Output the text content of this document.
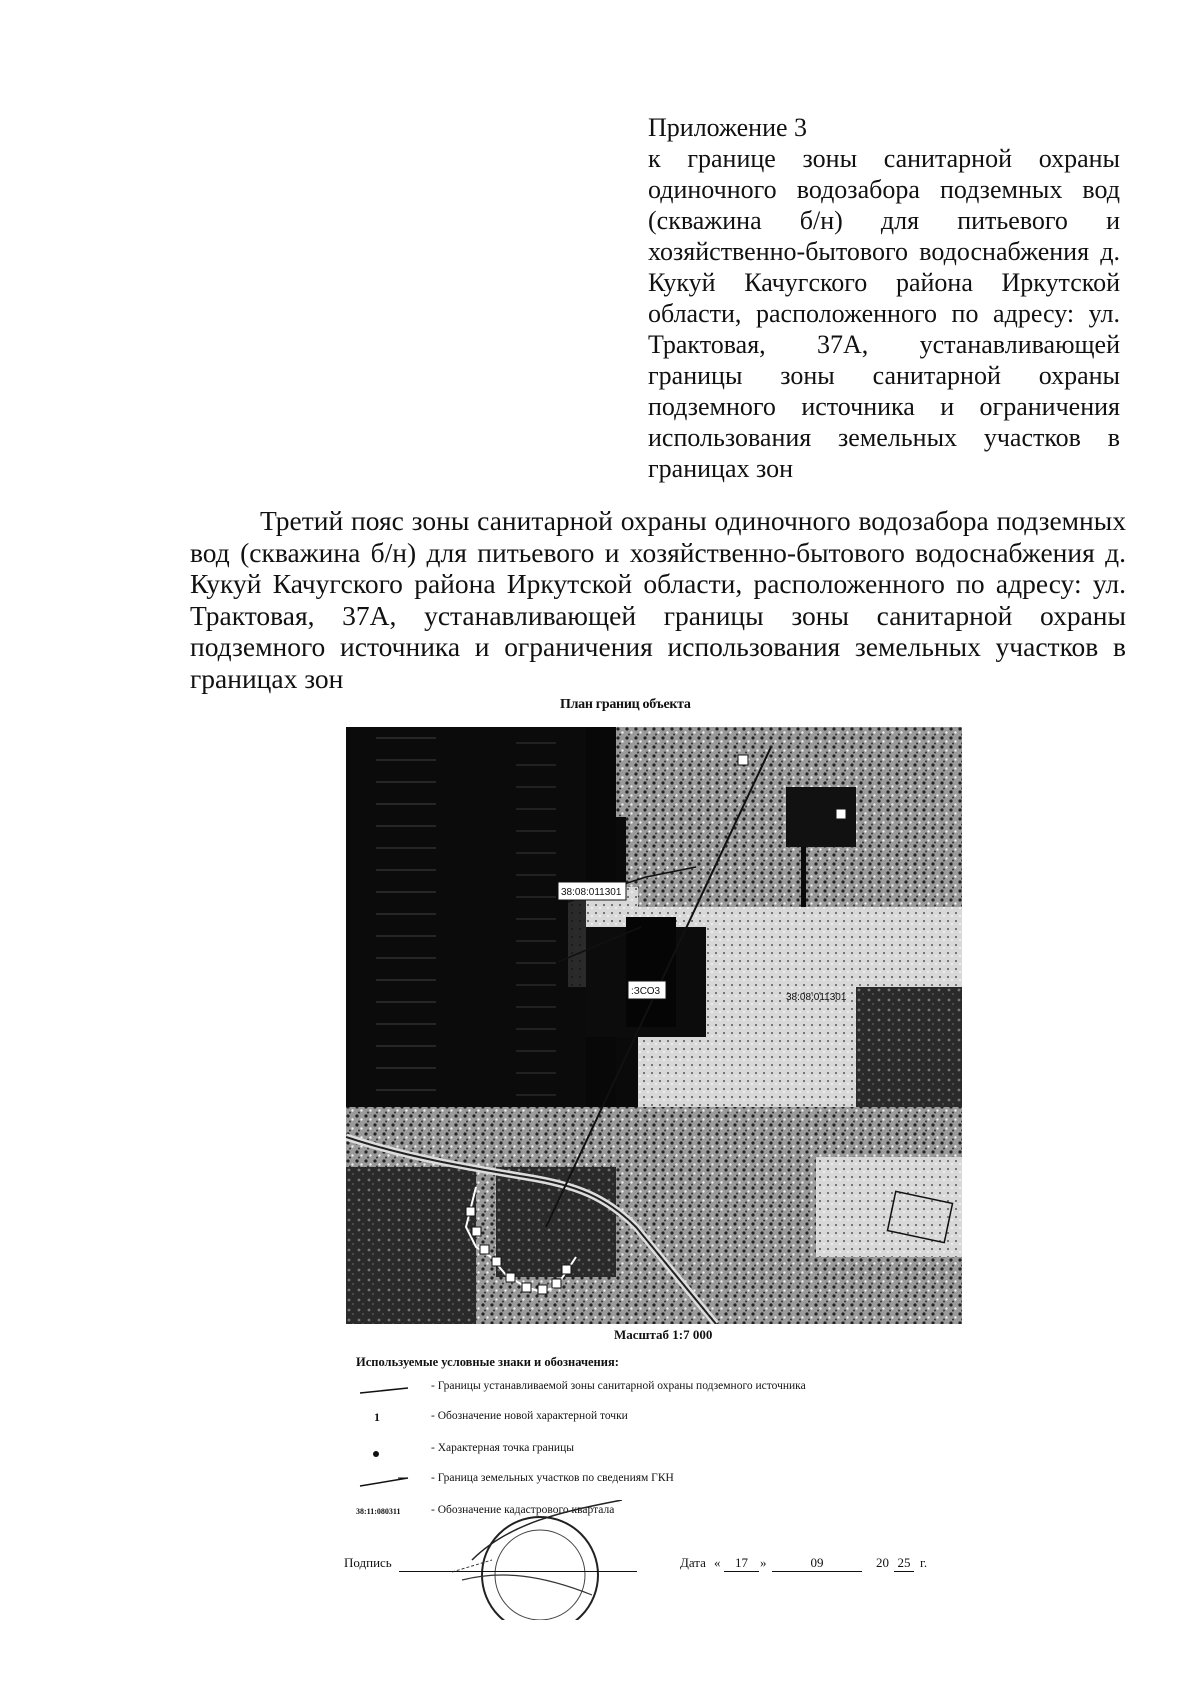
Приложение 3
к границе зоны санитарной охраны одиночного водозабора подземных вод (скважина б/н) для питьевого и хозяйственно-бытового водоснабжения д. Кукуй Качугского района Иркутской области, расположенного по адресу: ул. Трактовая, 37А, устанавливающей границы зоны санитарной охраны подземного источника и ограничения использования земельных участков в границах зон
Третий пояс зоны санитарной охраны одиночного водозабора подземных вод (скважина б/н) для питьевого и хозяйственно-бытового водоснабжения д. Кукуй Качугского района Иркутской области, расположенного по адресу: ул. Трактовая, 37А, устанавливающей границы зоны санитарной охраны подземного источника и ограничения использования земельных участков в границах зон
План границ объекта
38:08:011301
38:08:011301
:ЗСО3
Масштаб 1:7 000
Используемые условные знаки и обозначения:
- Границы устанавливаемой зоны санитарной охраны подземного источника
1	- Обозначение новой характерной точки
- Характерная точка границы
- Граница земельных участков по сведениям ГКН
38:11:080311	- Обозначение кадастрового квартала
Подпись	Дата «	17 »	09	20 25 г.
